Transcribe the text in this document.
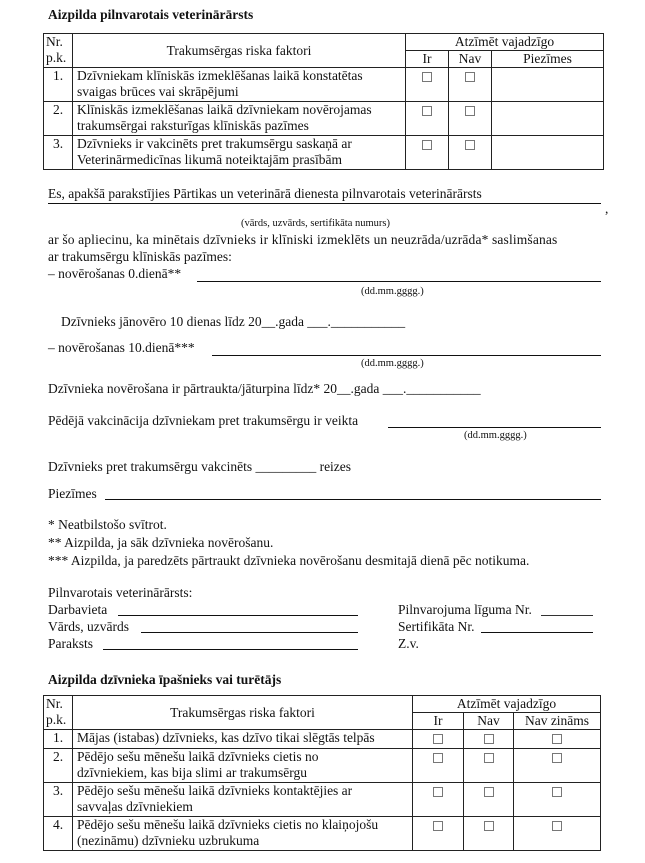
Aizpilda pilnvarotais veterinārārsts
Nr.
p.k.	Trakumsērgas riska faktori	Atzīmēt vajadzīgo		
		Ir	Nav	Piezīmes
1.	Dzīvniekam klīniskās izmeklēšanas laikā konstatētas
svaigas brūces vai skrāpējumi			

2.	Klīniskās izmeklēšanas laikā dzīvniekam novērojamas
trakumsērgai raksturīgas klīniskās pazīmes			

3.	Dzīvnieks ir vakcinēts pret trakumsērgu saskaņā ar
Veterinārmedicīnas likumā noteiktajām prasībām			

Es, apakšā parakstījies Pārtikas un veterinārā dienesta pilnvarotais veterinārārsts
,
(vārds, uzvārds, sertifikāta numurs)
ar šo apliecinu, ka minētais dzīvnieks ir klīniski izmeklēts un neuzrāda/uzrāda* saslimšanas
ar trakumsērgu klīniskās pazīmes:
– novērošanas 0.dienā**
(dd.mm.gggg.)
Dzīvnieks jānovēro 10 dienas līdz 20__.gada ___.___________
– novērošanas 10.dienā***
(dd.mm.gggg.)
Dzīvnieka novērošana ir pārtraukta/jāturpina līdz* 20__.gada ___.___________
Pēdējā vakcinācija dzīvniekam pret trakumsērgu ir veikta
(dd.mm.gggg.)
Dzīvnieks pret trakumsērgu vakcinēts _________ reizes
Piezīmes
* Neatbilstošo svītrot.
** Aizpilda, ja sāk dzīvnieka novērošanu.
*** Aizpilda, ja paredzēts pārtraukt dzīvnieka novērošanu desmitajā dienā pēc notikuma.
Pilnvarotais veterinārārsts:
Darbavieta
Vārds, uzvārds
Paraksts
Pilnvarojuma līguma Nr.
Sertifikāta Nr.
Z.v.
Aizpilda dzīvnieka īpašnieks vai turētājs
Nr.
p.k.	Trakumsērgas riska faktori	Atzīmēt vajadzīgo		
		Ir	Nav	Nav zināms
1.	Mājas (istabas) dzīvnieks, kas dzīvo tikai slēgtās telpās			

2.	Pēdējo sešu mēnešu laikā dzīvnieks cietis no
dzīvniekiem, kas bija slimi ar trakumsērgu			

3.	Pēdējo sešu mēnešu laikā dzīvnieks kontaktējies ar
savvaļas dzīvniekiem			

4.	Pēdējo sešu mēnešu laikā dzīvnieks cietis no klaiņojošu
(nezināmu) dzīvnieku uzbrukuma			
